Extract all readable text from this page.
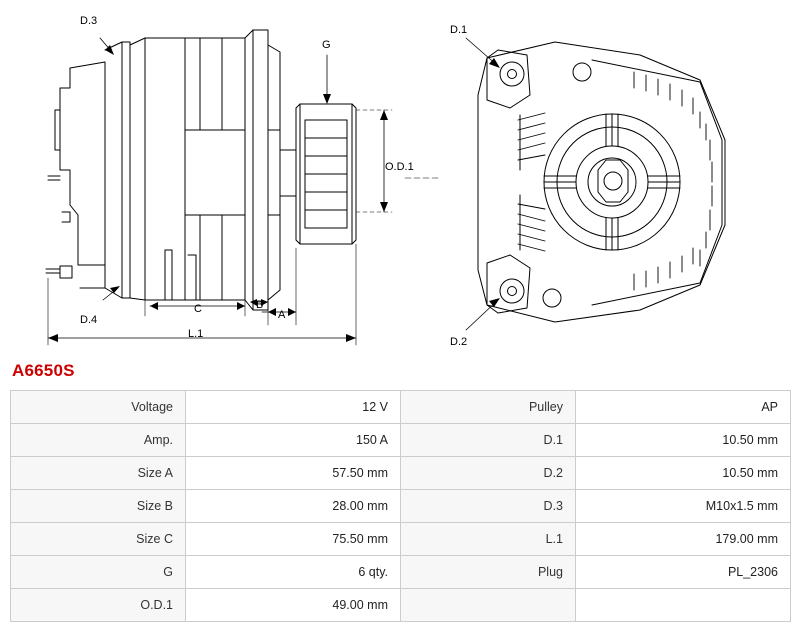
D.3
D.4
G
O.D.1
A
B
C
L.1
D.1
D.2
A6650S
Voltage	12 V	Pulley	AP
Amp.	150 A	D.1	10.50 mm
Size A	57.50 mm	D.2	10.50 mm
Size B	28.00 mm	D.3	M10x1.5 mm
Size C	75.50 mm	L.1	179.00 mm
G	6 qty.	Plug	PL_2306
O.D.1	49.00 mm		
